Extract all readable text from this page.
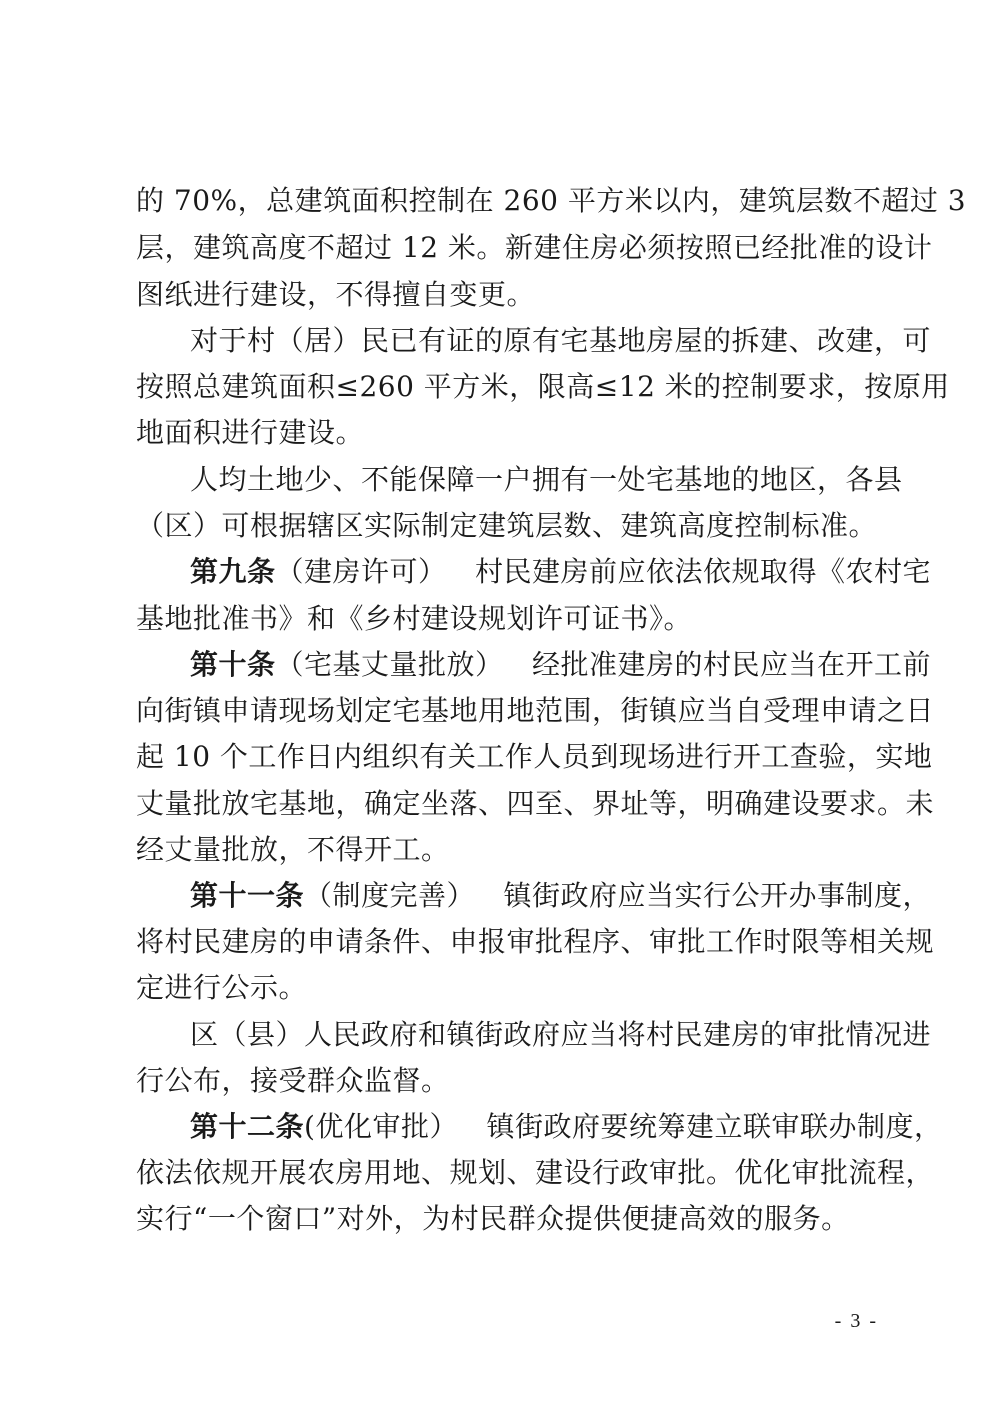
的 70%，总建筑面积控制在 260 平方米以内，建筑层数不超过 3
层，建筑高度不超过 12 米。新建住房必须按照已经批准的设计
图纸进行建设，不得擅自变更。
对于村（居）民已有证的原有宅基地房屋的拆建、改建，可
按照总建筑面积≤260 平方米，限高≤12 米的控制要求，按原用
地面积进行建设。
人均土地少、不能保障一户拥有一处宅基地的地区，各县
（区）可根据辖区实际制定建筑层数、建筑高度控制标准。
第九条（建房许可）  村民建房前应依法依规取得《农村宅
基地批准书》和《乡村建设规划许可证书》。
第十条（宅基丈量批放）  经批准建房的村民应当在开工前
向街镇申请现场划定宅基地用地范围，街镇应当自受理申请之日
起 10 个工作日内组织有关工作人员到现场进行开工查验，实地
丈量批放宅基地，确定坐落、四至、界址等，明确建设要求。未
经丈量批放，不得开工。
第十一条（制度完善）  镇街政府应当实行公开办事制度，
将村民建房的申请条件、申报审批程序、审批工作时限等相关规
定进行公示。
区（县）人民政府和镇街政府应当将村民建房的审批情况进
行公布，接受群众监督。
第十二条(优化审批）  镇街政府要统筹建立联审联办制度，
依法依规开展农房用地、规划、建设行政审批。优化审批流程，
实行“一个窗口”对外，为村民群众提供便捷高效的服务。
- 3 -
